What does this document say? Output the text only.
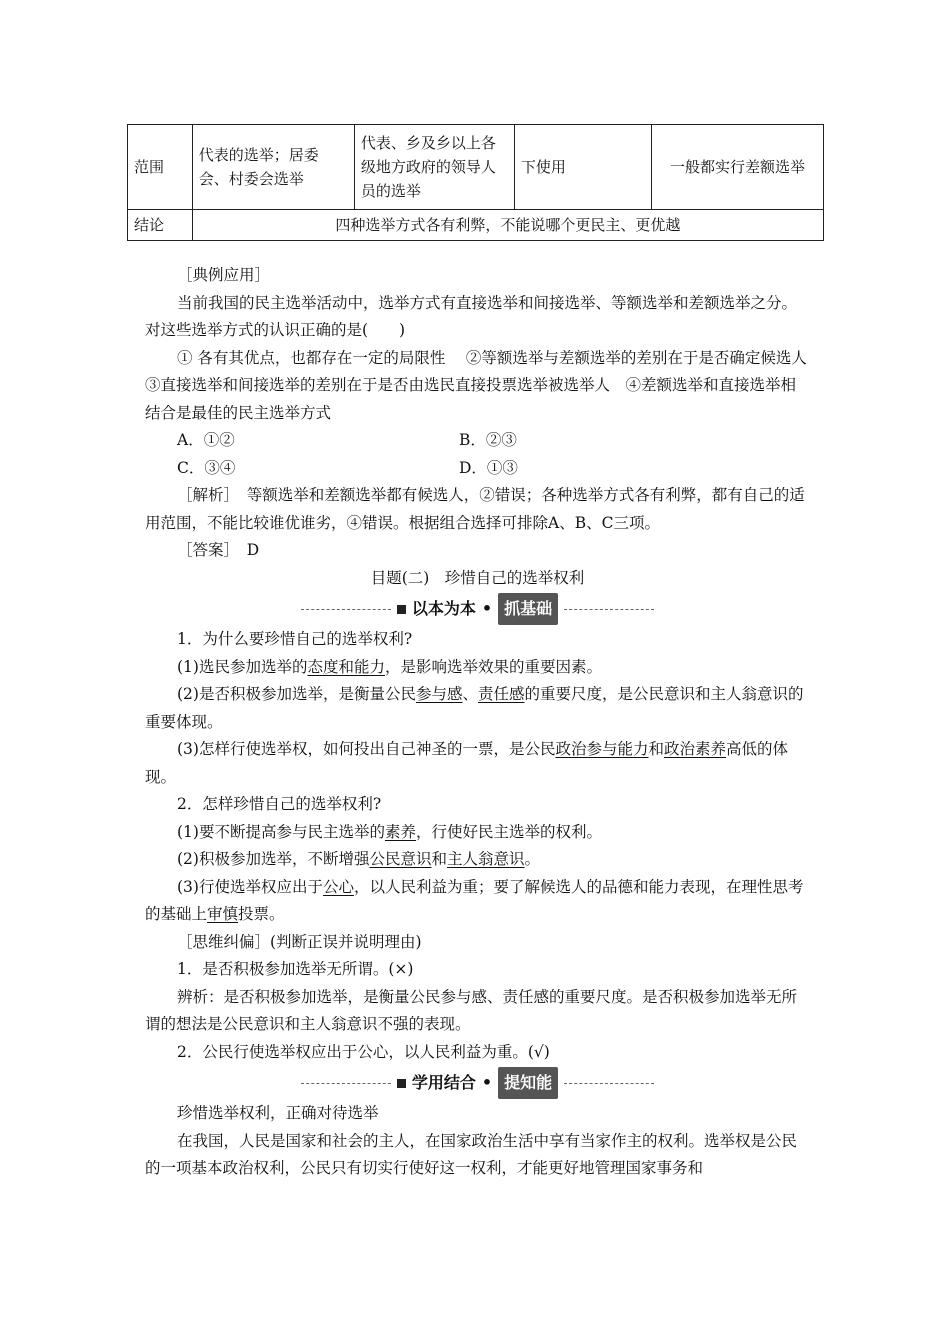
范围	代表的选举；居委会、村委会选举	代表、乡及乡以上各级地方政府的领导人员的选举	下使用	一般都实行差额选举
结论	四种选举方式各有利弊，不能说哪个更民主、更优越			

［典例应用］

当前我国的民主选举活动中，选举方式有直接选举和间接选举、等额选举和差额选举之分。对这些选举方式的认识正确的是(　　)

① 各有其优点，也都存在一定的局限性　 ②等额选举与差额选举的差别在于是否确定候选人　③直接选举和间接选举的差别在于是否由选民直接投票选举被选举人　④差额选举和直接选举相结合是最佳的民主选举方式

A．①②	B．②③
C．③④	D．①③

［解析］　 等额选举和差额选举都有候选人，②错误；各种选举方式各有利弊，都有自己的适用范围，不能比较谁优谁劣，④错误。根据组合选择可排除A、B、C三项。

［答案］　 D

目题(二)　珍惜自己的选举权利

以本为本 • 抓基础

1．为什么要珍惜自己的选举权利?

(1)选民参加选举的态度和能力，是影响选举效果的重要因素。

(2)是否积极参加选举，是衡量公民参与感、责任感的重要尺度，是公民意识和主人翁意识的重要体现。

(3)怎样行使选举权，如何投出自己神圣的一票，是公民政治参与能力和政治素养高低的体现。

2．怎样珍惜自己的选举权利?

(1)要不断提高参与民主选举的素养，行使好民主选举的权利。

(2)积极参加选举，不断增强公民意识和主人翁意识。

(3)行使选举权应出于公心，以人民利益为重；要了解候选人的品德和能力表现，在理性思考的基础上审慎投票。

［思维纠偏］(判断正误并说明理由)

1．是否积极参加选举无所谓。(×)

辨析：是否积极参加选举，是衡量公民参与感、责任感的重要尺度。是否积极参加选举无所谓的想法是公民意识和主人翁意识不强的表现。

2．公民行使选举权应出于公心，以人民利益为重。(√)

学用结合 • 提知能

珍惜选举权利，正确对待选举

在我国，人民是国家和社会的主人，在国家政治生活中享有当家作主的权利。选举权是公民的一项基本政治权利，公民只有切实行使好这一权利，才能更好地管理国家事务和
